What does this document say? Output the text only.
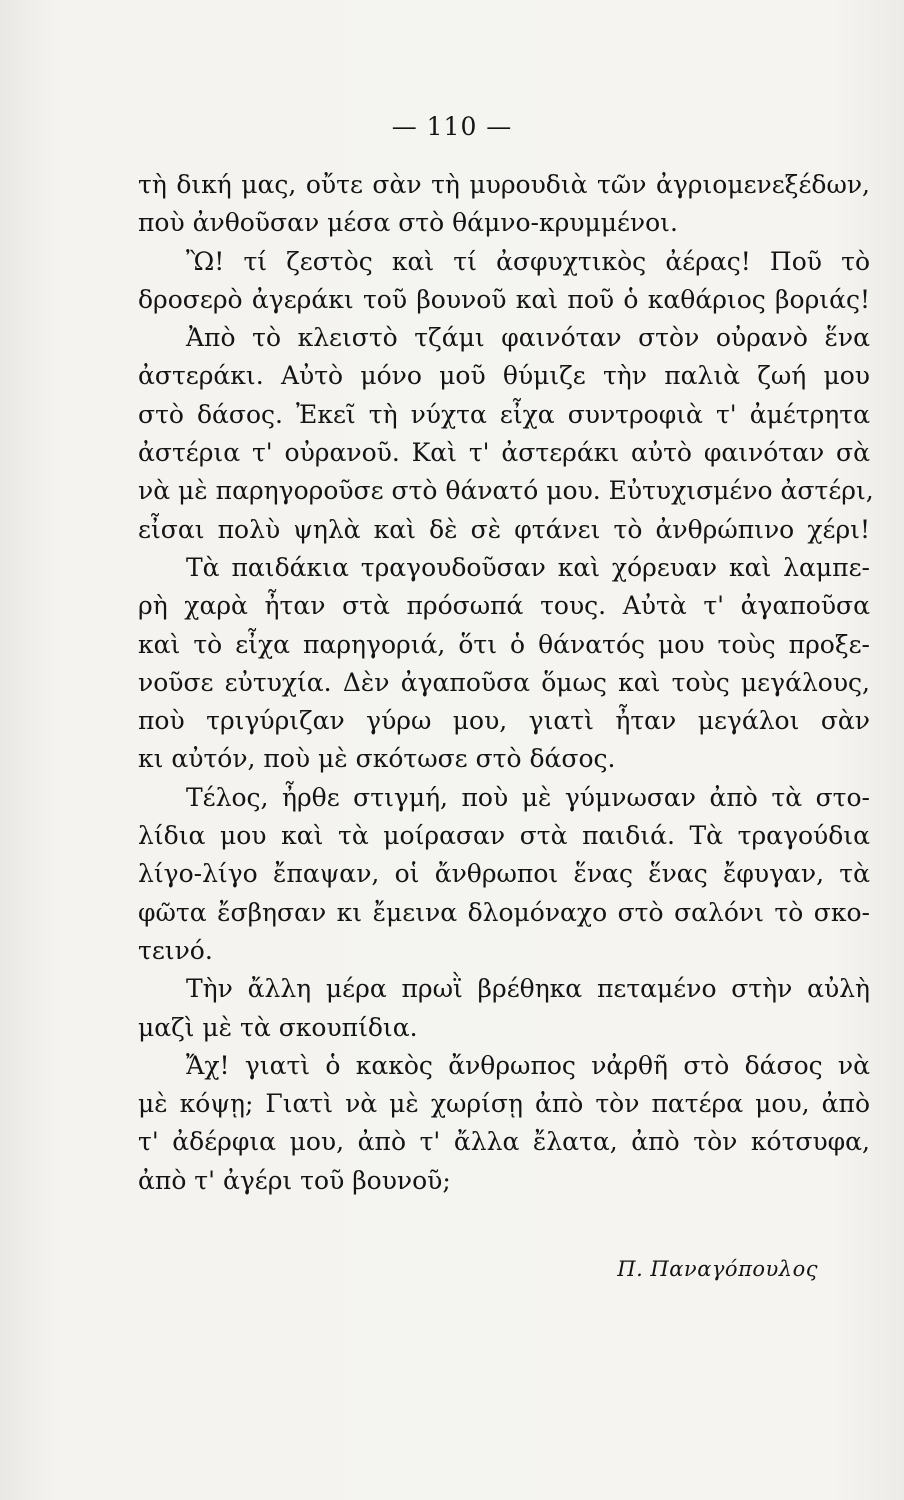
— 110 —
τὴ δική μας, οὔτε σὰν τὴ μυρουδιὰ τῶν ἀγριομενεξέδων,
ποὺ ἀνθοῦσαν μέσα στὸ θάμνο-κρυμμένοι.
Ὢ! τί ζεστὸς καὶ τί ἀσφυχτικὸς ἀέρας! Ποῦ τὸ
δροσερὸ ἀγεράκι τοῦ βουνοῦ καὶ ποῦ ὁ καθάριος βοριάς!
Ἀπὸ τὸ κλειστὸ τζάμι φαινόταν στὸν οὐρανὸ ἕνα
ἀστεράκι. Αὐτὸ μόνο μοῦ θύμιζε τὴν παλιὰ ζωή μου
στὸ δάσος. Ἐκεῖ τὴ νύχτα εἶχα συντροφιὰ τ' ἀμέτρητα
ἀστέρια τ' οὐρανοῦ. Καὶ τ' ἀστεράκι αὐτὸ φαινόταν σὰ
νὰ μὲ παρηγοροῦσε στὸ θάνατό μου. Εὐτυχισμένο ἀστέρι,
εἶσαι πολὺ ψηλὰ καὶ δὲ σὲ φτάνει τὸ ἀνθρώπινο χέρι!
Τὰ παιδάκια τραγουδοῦσαν καὶ χόρευαν καὶ λαμπε-
ρὴ χαρὰ ἦταν στὰ πρόσωπά τους. Αὐτὰ τ' ἀγαποῦσα
καὶ τὸ εἶχα παρηγοριά, ὅτι ὁ θάνατός μου τοὺς προξε-
νοῦσε εὐτυχία. Δὲν ἀγαποῦσα ὅμως καὶ τοὺς μεγάλους,
ποὺ τριγύριζαν γύρω μου, γιατὶ ἦταν μεγάλοι σὰν
κι αὐτόν, ποὺ μὲ σκότωσε στὸ δάσος.
Τέλος, ἦρθε στιγμή, ποὺ μὲ γύμνωσαν ἀπὸ τὰ στο-
λίδια μου καὶ τὰ μοίρασαν στὰ παιδιά. Τὰ τραγούδια
λίγο-λίγο ἔπαψαν, οἱ ἄνθρωποι ἕνας ἕνας ἔφυγαν, τὰ
φῶτα ἔσβησαν κι ἔμεινα δλομόναχο στὸ σαλόνι τὸ σκο-
τεινό.
Τὴν ἄλλη μέρα πρωῒ βρέθηκα πεταμένο στὴν αὐλὴ
μαζὶ μὲ τὰ σκουπίδια.
Ἄχ! γιατὶ ὁ κακὸς ἄνθρωπος νἀρθῆ στὸ δάσος νὰ
μὲ κόψῃ; Γιατὶ νὰ μὲ χωρίσῃ ἀπὸ τὸν πατέρα μου, ἀπὸ
τ' ἀδέρφια μου, ἀπὸ τ' ἄλλα ἔλατα, ἀπὸ τὸν κότσυφα,
ἀπὸ τ' ἀγέρι τοῦ βουνοῦ;
Π. Παναγόπουλος
